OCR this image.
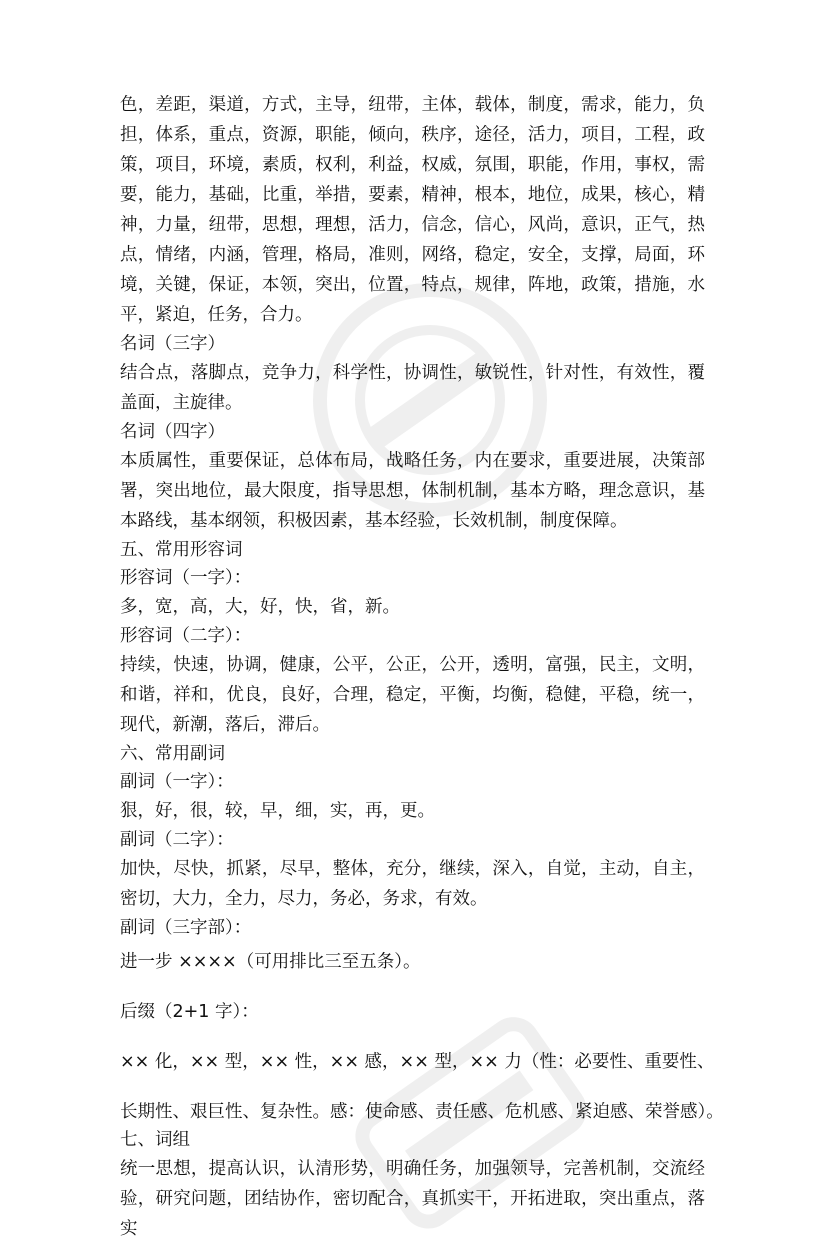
色，差距，渠道，方式，主导，纽带，主体，载体，制度，需求，能力，负担，体系，重点，资源，职能，倾向，秩序，途径，活力，项目，工程，政策，项目，环境，素质，权利，利益，权威，氛围，职能，作用，事权，需要，能力，基础，比重，举措，要素，精神，根本，地位，成果，核心，精神，力量，纽带，思想，理想，活力，信念，信心，风尚，意识，正气，热点，情绪，内涵，管理，格局，准则，网络，稳定，安全，支撑，局面，环境，关键，保证，本领，突出，位置，特点，规律，阵地，政策，措施，水平，紧迫，任务，合力。
名词（三字）
结合点，落脚点，竞争力，科学性，协调性，敏锐性，针对性，有效性，覆盖面，主旋律。
名词（四字）
本质属性，重要保证，总体布局，战略任务，内在要求，重要进展，决策部署，突出地位，最大限度，指导思想，体制机制，基本方略，理念意识，基本路线，基本纲领，积极因素，基本经验，长效机制，制度保障。
五、常用形容词
形容词（一字）：
多，宽，高，大，好，快，省，新。
形容词（二字）：
持续，快速，协调，健康，公平，公正，公开，透明，富强，民主，文明，和谐，祥和，优良，良好，合理，稳定，平衡，均衡，稳健，平稳，统一，现代，新潮，落后，滞后。
六、常用副词
副词（一字）：
狠，好，很，较，早，细，实，再，更。
副词（二字）：
加快，尽快，抓紧，尽早，整体，充分，继续，深入，自觉，主动，自主，密切，大力，全力，尽力，务必，务求，有效。
副词（三字部）：
进一步 ××××（可用排比三至五条）。
后缀（2+1 字）：
×× 化，×× 型，×× 性，×× 感，×× 型，×× 力（性：必要性、重要性、
长期性、艰巨性、复杂性。感：使命感、责任感、危机感、紧迫感、荣誉感）。
七、词组
统一思想，提高认识，认清形势，明确任务，加强领导，完善机制，交流经验，研究问题，团结协作，密切配合，真抓实干，开拓进取，突出重点，落实
